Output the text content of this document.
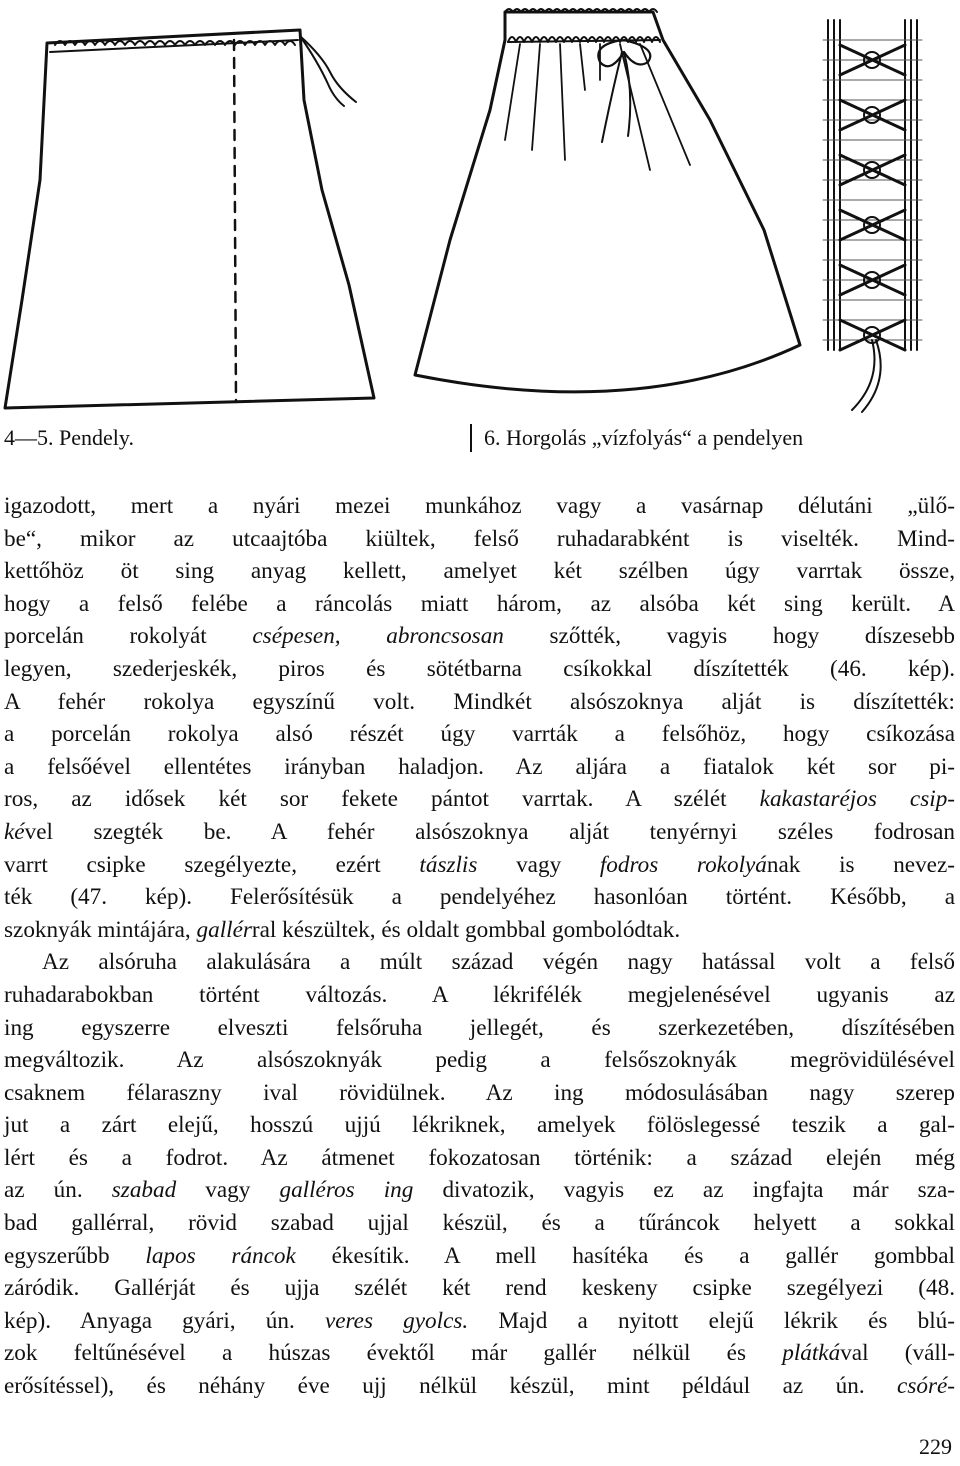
4—5. Pendely.	6. Horgolás „vízfolyás“ a pendelyen
igazodott, mert a nyári mezei munkához vagy a vasárnap délutáni „ülő-
be“, mikor az utcaajtóba kiültek, felső ruhadarabként is viselték. Mind-
kettőhöz öt sing anyag kellett, amelyet két szélben úgy varrtak össze,
hogy a felső felébe a ráncolás miatt három, az alsóba két sing került. A
porcelán rokolyát csépesen, abroncsosan szőtték, vagyis hogy díszesebb
legyen, szederjeskék, piros és sötétbarna csíkokkal díszítették (46. kép).
A fehér rokolya egyszínű volt. Mindkét alsószoknya alját is díszítették:
a porcelán rokolya alsó részét úgy varrták a felsőhöz, hogy csíkozása
a felsőével ellentétes irányban haladjon. Az aljára a fiatalok két sor pi-
ros, az idősek két sor fekete pántot varrtak. A szélét kakastaréjos csip-
kével szegték be. A fehér alsószoknya alját tenyérnyi széles fodrosan
varrt csipke szegélyezte, ezért tászlis vagy fodros rokolyának is nevez-
ték (47. kép). Felerősítésük a pendelyéhez hasonlóan történt. Később, a
szoknyák mintájára, gallérral készültek, és oldalt gombbal gombolódtak.
Az alsóruha alakulására a múlt század végén nagy hatással volt a felső
ruhadarabokban történt változás. A lékrifélék megjelenésével ugyanis az
ing egyszerre elveszti felsőruha jellegét, és szerkezetében, díszítésében
megváltozik. Az alsószoknyák pedig a felsőszoknyák megrövidülésével
csaknem félaraszny ival rövidülnek. Az ing módosulásában nagy szerep
jut a zárt elejű, hosszú ujjú lékriknek, amelyek fölöslegessé teszik a gal-
lért és a fodrot. Az átmenet fokozatosan történik: a század elején még
az ún. szabad vagy galléros ing divatozik, vagyis ez az ingfajta már sza-
bad gallérral, rövid szabad ujjal készül, és a tűráncok helyett a sokkal
egyszerűbb lapos ráncok ékesítik. A mell hasítéka és a gallér gombbal
záródik. Gallérját és ujja szélét két rend keskeny csipke szegélyezi (48.
kép). Anyaga gyári, ún. veres gyolcs. Majd a nyitott elejű lékrik és blú-
zok feltűnésével a húszas évektől már gallér nélkül és plátkával (váll-
erősítéssel), és néhány éve ujj nélkül készül, mint például az ún. csóré-
229
